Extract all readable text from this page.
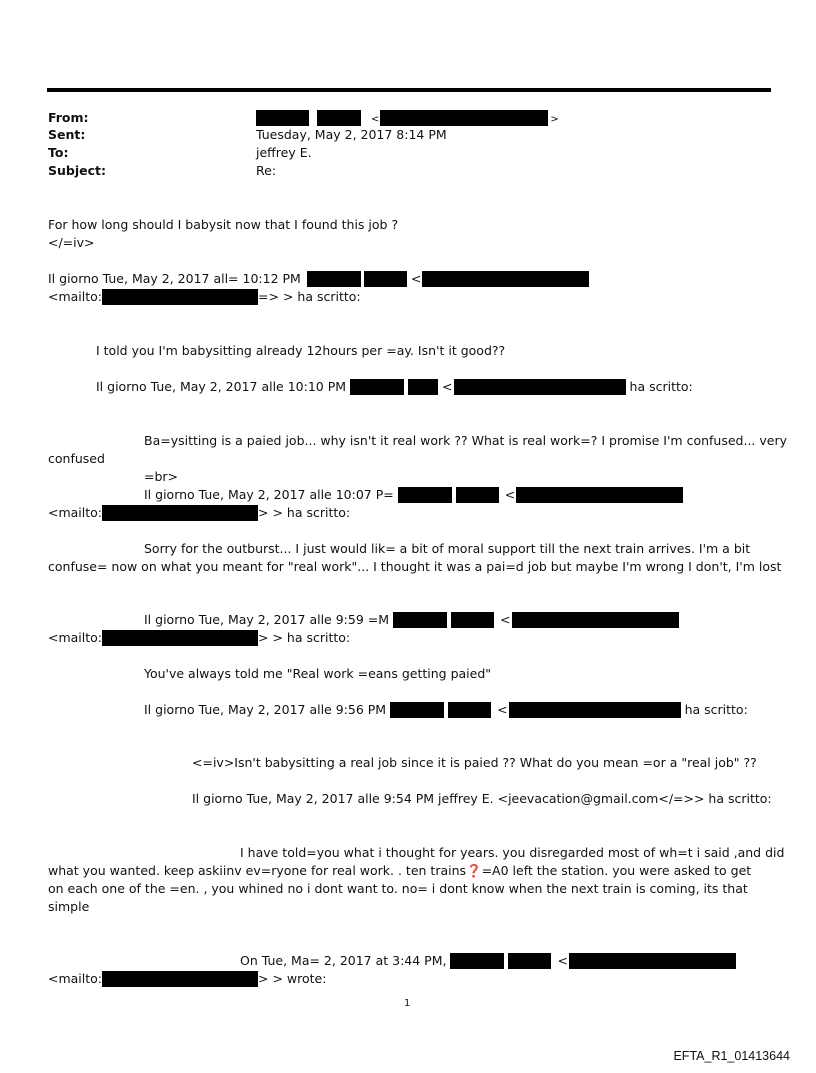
From:	<	>
Sent:	Tuesday, May 2, 2017 8:14 PM
To:	jeffrey E.
Subject:	Re:
For how long should I babysit now that I found this job ?
</=iv>
Il giorno Tue, May 2, 2017 all= 10:12 PM	<
<mailto:	=> > ha scritto:
I told you I'm babysitting already 12hours per =ay. Isn't it good??
Il giorno Tue, May 2, 2017 alle 10:10 PM	<	ha scritto:
Ba=ysitting is a paied job... why isn't it real work ?? What is real work=? I promise I'm confused... very
confused
=br>
Il giorno Tue, May 2, 2017 alle 10:07 P=	<
<mailto:	> > ha scritto:
Sorry for the outburst... I just would lik= a bit of moral support till the next train arrives. I'm a bit
confuse= now on what you meant for "real work"... I thought it was a pai=d job but maybe I'm wrong I don't, I'm lost
Il giorno Tue, May 2, 2017 alle 9:59 =M	<
<mailto:	> > ha scritto:
You've always told me "Real work =eans getting paied"
Il giorno Tue, May 2, 2017 alle 9:56 PM	<	ha scritto:
<=iv>Isn't babysitting a real job since it is paied ?? What do you mean =or a "real job" ??
Il giorno Tue, May 2, 2017 alle 9:54 PM jeffrey E. <jeevacation@gmail.com</=>> ha scritto:
I have told=you what i thought for years. you disregarded most of wh=t i said ,and did
what you wanted. keep askiinv ev=ryone for real work. . ten trains❓=A0 left the station. you were asked to get
on each one of the =en. , you whined no i dont want to. no= i dont know when the next train is coming, its that
simple
On Tue, Ma= 2, 2017 at 3:44 PM,	<
<mailto:	> > wrote:
1
EFTA_R1_01413644
